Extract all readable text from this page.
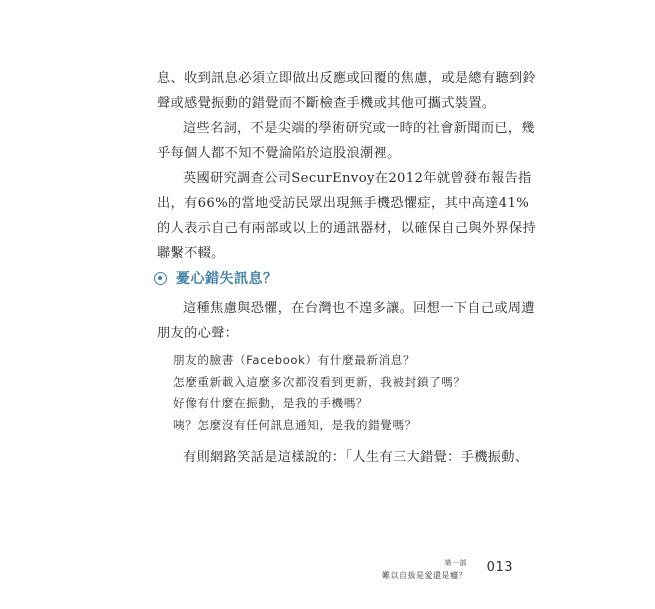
息、收到訊息必須立即做出反應或回覆的焦慮，或是總有聽到鈴
聲或感覺振動的錯覺而不斷檢查手機或其他可攜式裝置。
這些名詞，不是尖端的學術研究或一時的社會新聞而已，幾
乎每個人都不知不覺淪陷於這股浪潮裡。
英國研究調查公司SecurEnvoy在2012年就曾發布報告指
出，有66%的當地受訪民眾出現無手機恐懼症，其中高達41%
的人表示自己有兩部或以上的通訊器材，以確保自己與外界保持
聯繫不輟。
憂心錯失訊息？
這種焦慮與恐懼，在台灣也不遑多讓。回想一下自己或周遭
朋友的心聲：
朋友的臉書（Facebook）有什麼最新消息？
怎麼重新載入這麼多次都沒看到更新，我被封鎖了嗎？
好像有什麼在振動，是我的手機嗎？
咦？怎麼沒有任何訊息通知，是我的錯覺嗎？
有則網路笑話是這樣說的：「人生有三大錯覺：手機振動、
第一部
難以自拔是愛還是癮？
013
